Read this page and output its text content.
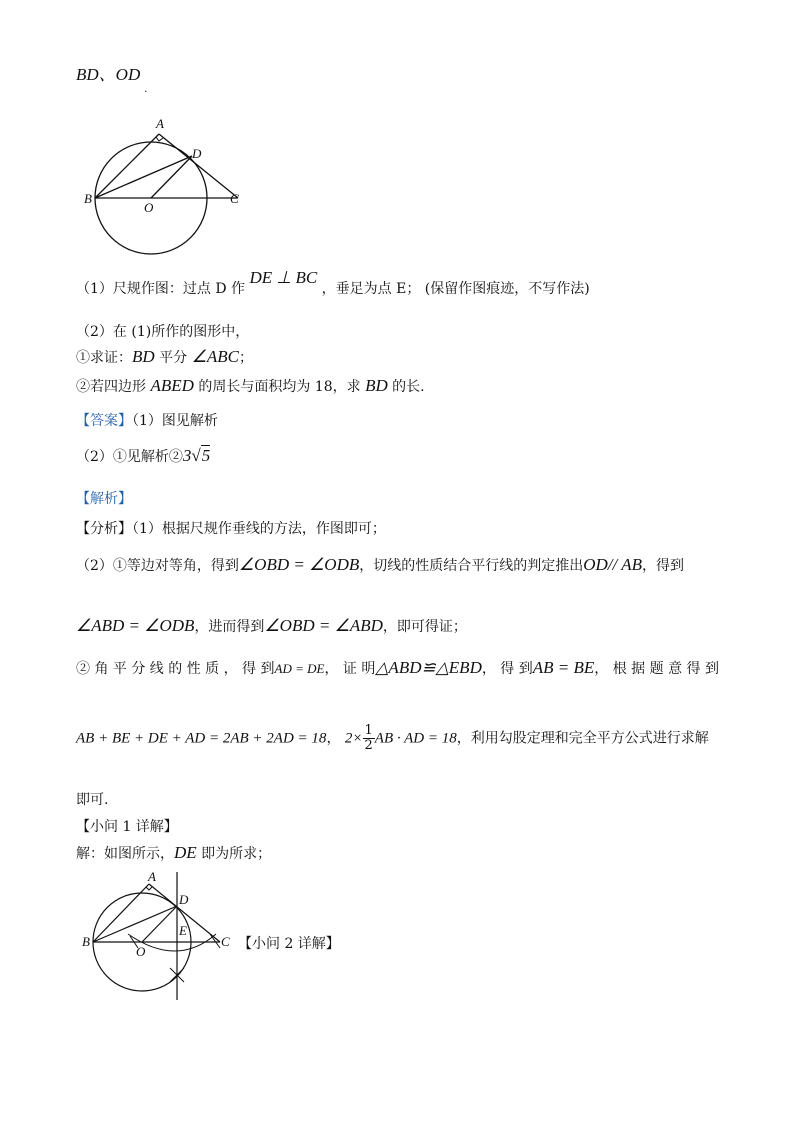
BD、OD $_.$
A
D
B
O
C
（1）尺规作图：过点 D 作 DE ⊥ BC ，垂足为点 E； (保留作图痕迹，不写作法)
（2）在 (1)所作的图形中，
①求证：BD 平分 ∠ABC；
②若四边形 ABED 的周长与面积均为 18，求 BD 的长.
【答案】（1）图见解析
（2）①见解析②3√5
【解析】
【分析】（1）根据尺规作垂线的方法，作图即可；
（2）①等边对等角，得到∠OBD = ∠ODB，切线的性质结合平行线的判定推出OD// AB，得到
∠ABD = ∠ODB，进而得到∠OBD = ∠ABD，即可得证；
② 角 平 分 线 的 性 质 ， 得 到AD = DE， 证 明△ABD≌△EBD， 得 到AB = BE， 根 据 题 意 得 到
AB + BE + DE + AD = 2AB + 2AD = 18， $2\times \frac{1}{2}$ AB · AD = 18，利用勾股定理和完全平方公式进行求解
即可.
【小问 1 详解】
解：如图所示，DE 即为所求；
A
D
B
O
E
C 【小问 2 详解】
